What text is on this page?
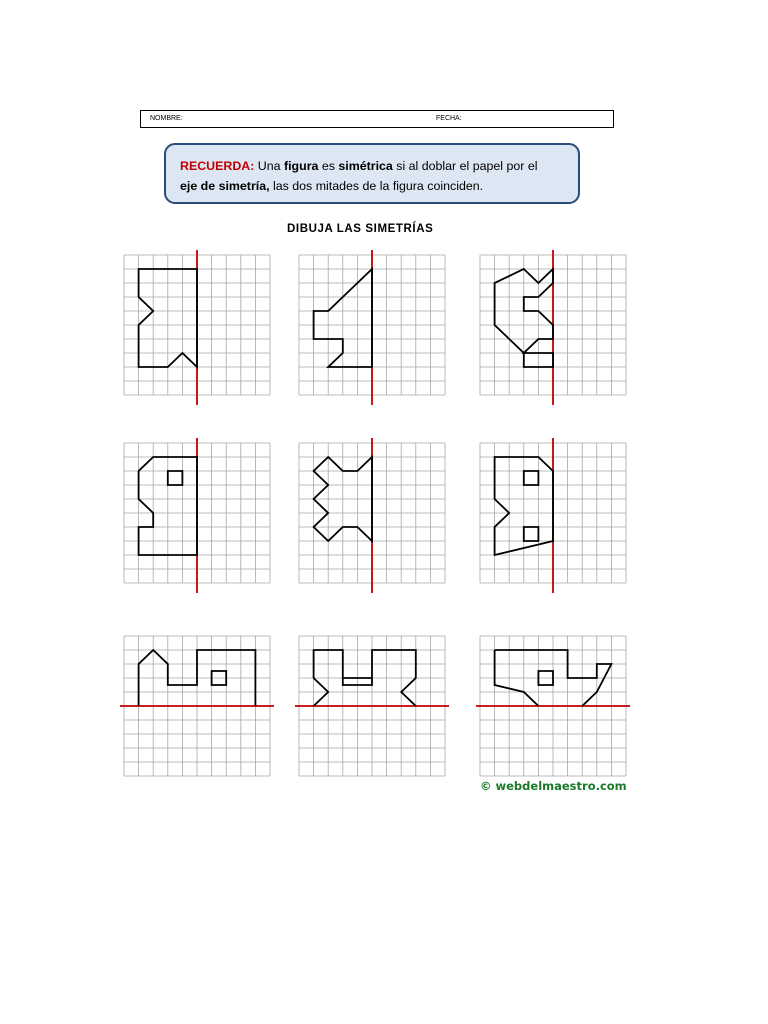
NOMBRE:	FECHA:
RECUERDA: Una figura es simétrica si al doblar el papel por el
eje de simetría, las dos mitades de la figura coinciden.
DIBUJA LAS SIMETRÍAS
© webdelmaestro.com
